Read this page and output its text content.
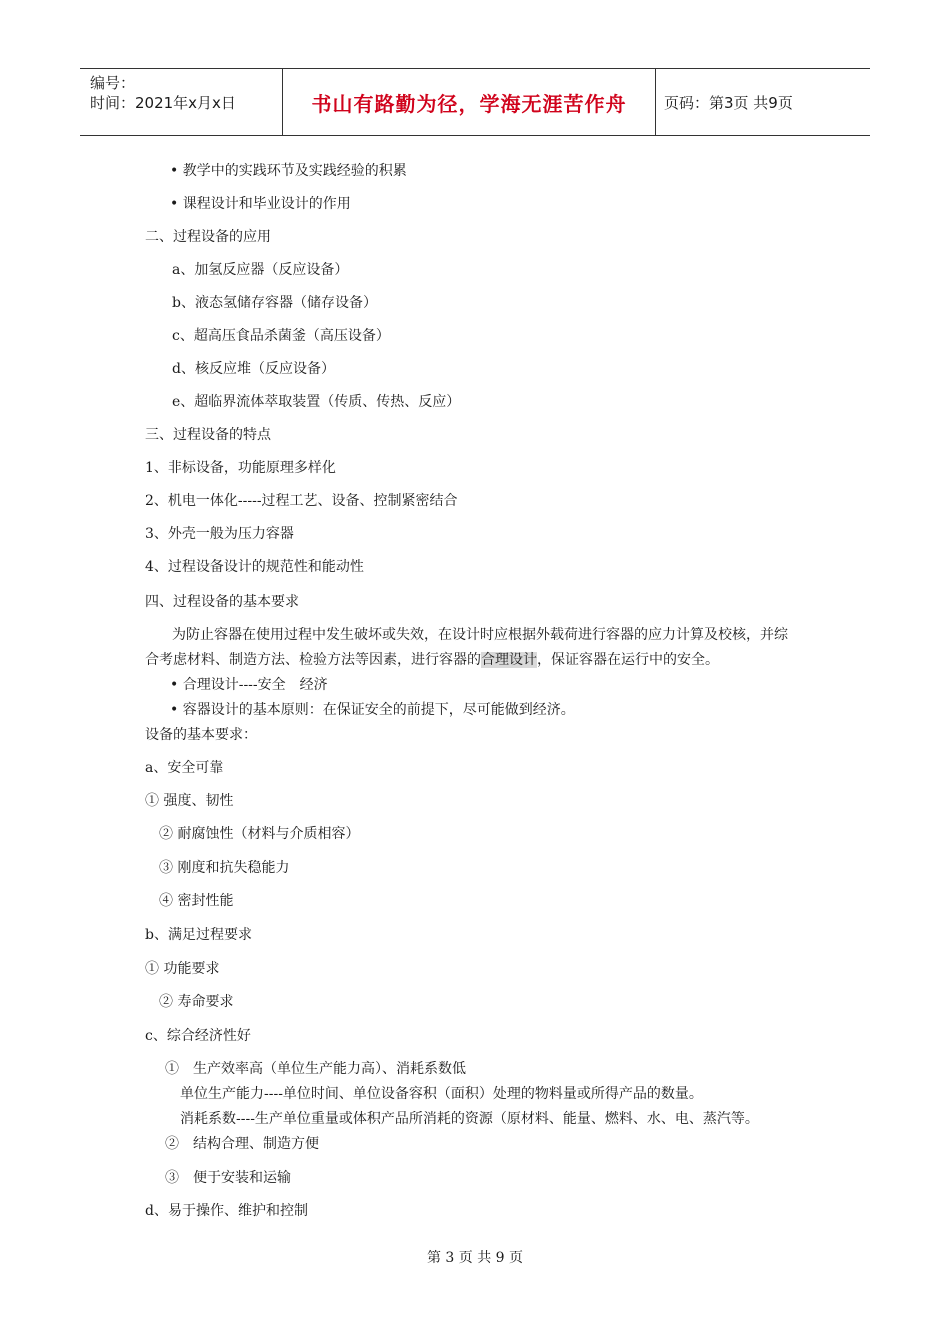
编号：
时间：2021年x月x日	书山有路勤为径，学海无涯苦作舟	页码：第3页 共9页
• 教学中的实践环节及实践经验的积累
• 课程设计和毕业设计的作用
二、过程设备的应用
a、加氢反应器（反应设备）
b、液态氢储存容器（储存设备）
c、超高压食品杀菌釜（高压设备）
d、核反应堆（反应设备）
e、超临界流体萃取装置（传质、传热、反应）
三、过程设备的特点
1、非标设备，功能原理多样化
2、机电一体化-----过程工艺、设备、控制紧密结合
3、外壳一般为压力容器
4、过程设备设计的规范性和能动性
四、过程设备的基本要求
为防止容器在使用过程中发生破坏或失效，在设计时应根据外载荷进行容器的应力计算及校核，并综
合考虑材料、制造方法、检验方法等因素，进行容器的合理设计，保证容器在运行中的安全。
• 合理设计----安全　经济
• 容器设计的基本原则：在保证安全的前提下，尽可能做到经济。
设备的基本要求：
a、安全可靠
① 强度、韧性
② 耐腐蚀性（材料与介质相容）
③ 刚度和抗失稳能力
④ 密封性能
b、满足过程要求
① 功能要求
② 寿命要求
c、综合经济性好
①　生产效率高（单位生产能力高）、消耗系数低
单位生产能力----单位时间、单位设备容积（面积）处理的物料量或所得产品的数量。
消耗系数----生产单位重量或体积产品所消耗的资源（原材料、能量、燃料、水、电、蒸汽等。
②　结构合理、制造方便
③　便于安装和运输
d、易于操作、维护和控制
第 3 页 共 9 页
